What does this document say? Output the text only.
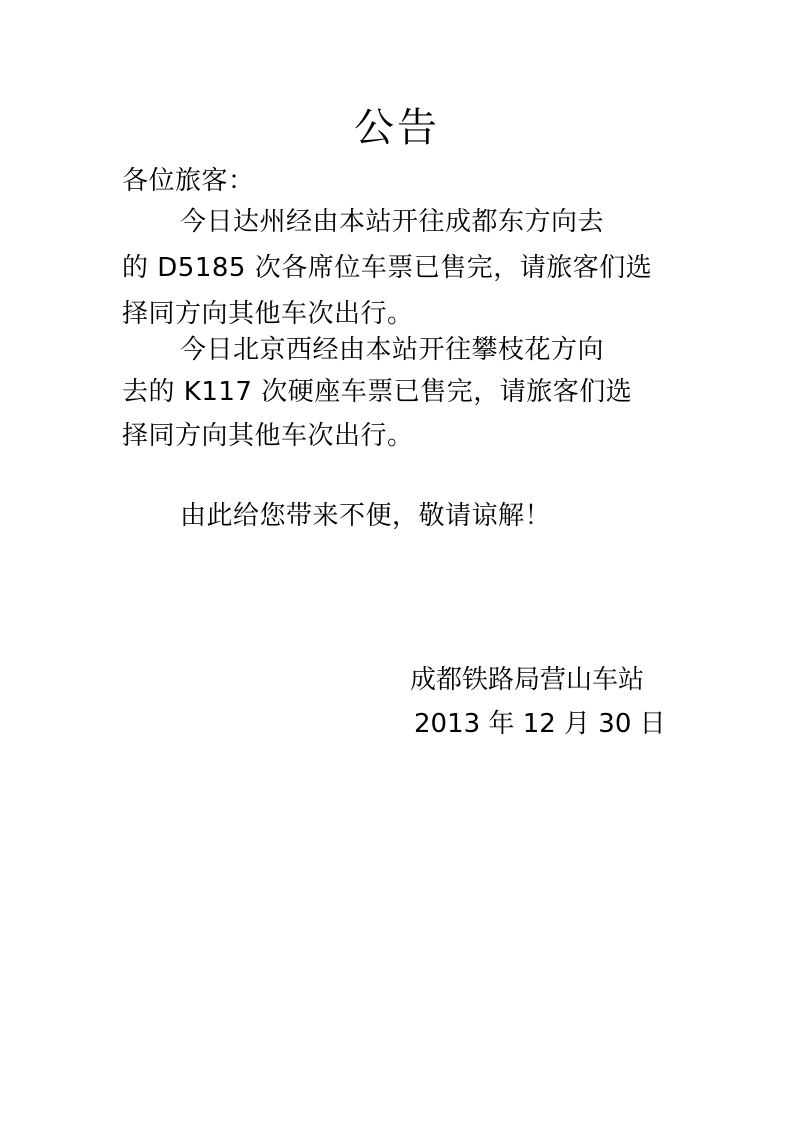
公告
各位旅客：
今日达州经由本站开往成都东方向去
的 D5185 次各席位车票已售完，请旅客们选
择同方向其他车次出行。
今日北京西经由本站开往攀枝花方向
去的 K117 次硬座车票已售完，请旅客们选
择同方向其他车次出行。
由此给您带来不便，敬请谅解！
成都铁路局营山车站
2013 年 12 月 30 日
